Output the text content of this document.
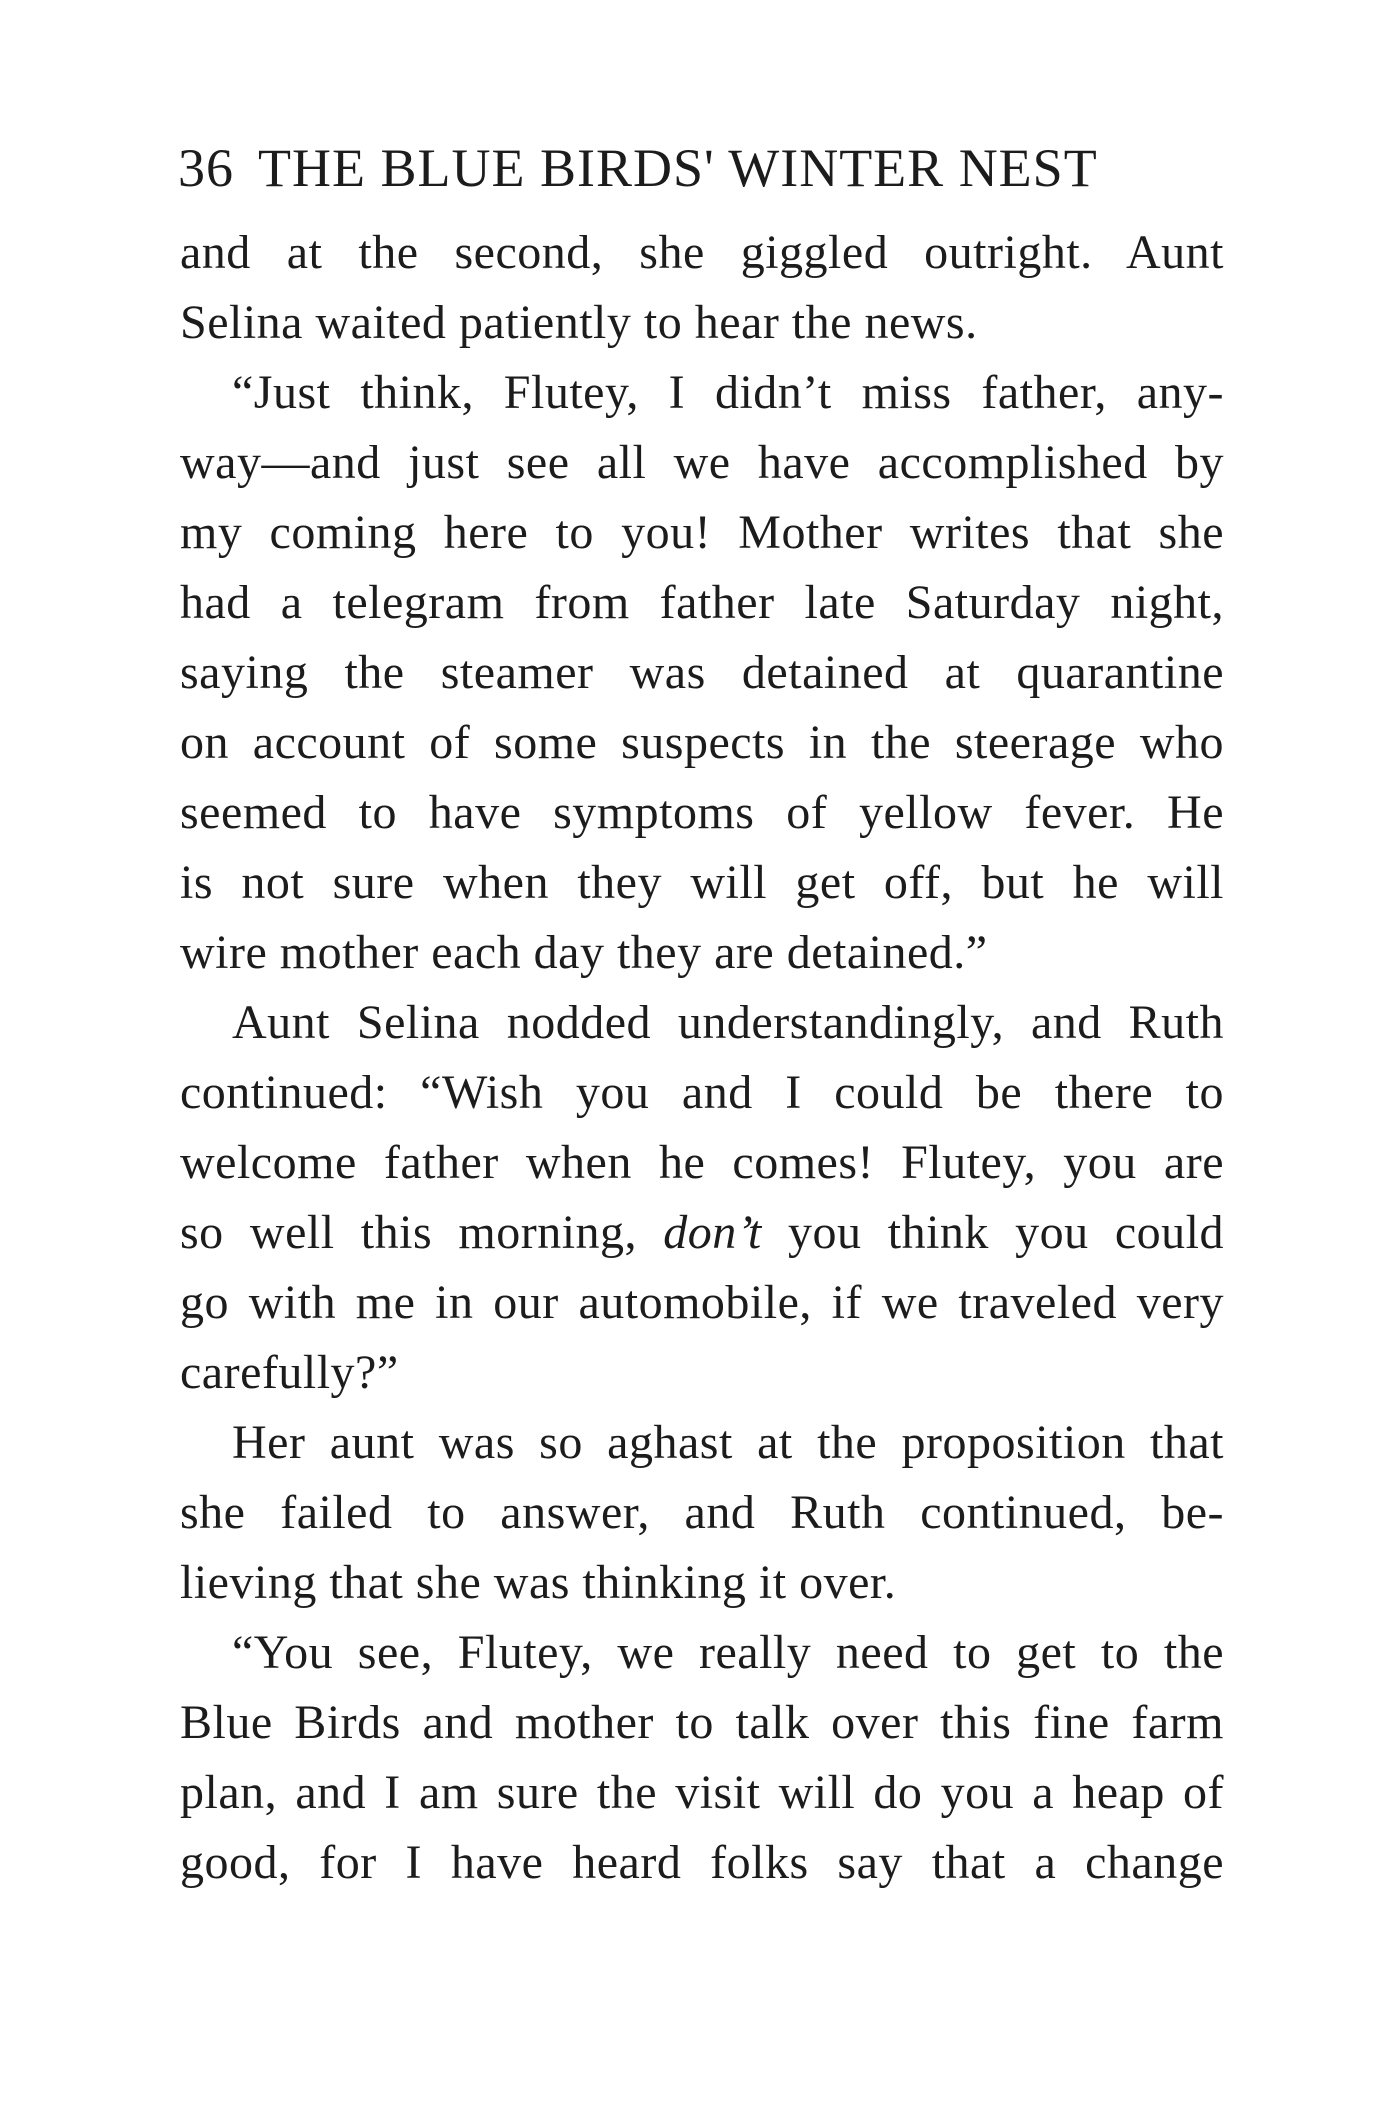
36 THE BLUE BIRDS' WINTER NEST
and at the second, she giggled outright. Aunt
Selina waited patiently to hear the news.
“Just think, Flutey, I didn’t miss father, any-
way—and just see all we have accomplished by
my coming here to you! Mother writes that she
had a telegram from father late Saturday night,
saying the steamer was detained at quarantine
on account of some suspects in the steerage who
seemed to have symptoms of yellow fever. He
is not sure when they will get off, but he will
wire mother each day they are detained.”
Aunt Selina nodded understandingly, and Ruth
continued: “Wish you and I could be there to
welcome father when he comes! Flutey, you are
so well this morning, don’t you think you could
go with me in our automobile, if we traveled very
carefully?”
Her aunt was so aghast at the proposition that
she failed to answer, and Ruth continued, be-
lieving that she was thinking it over.
“You see, Flutey, we really need to get to the
Blue Birds and mother to talk over this fine farm
plan, and I am sure the visit will do you a heap of
good, for I have heard folks say that a change
